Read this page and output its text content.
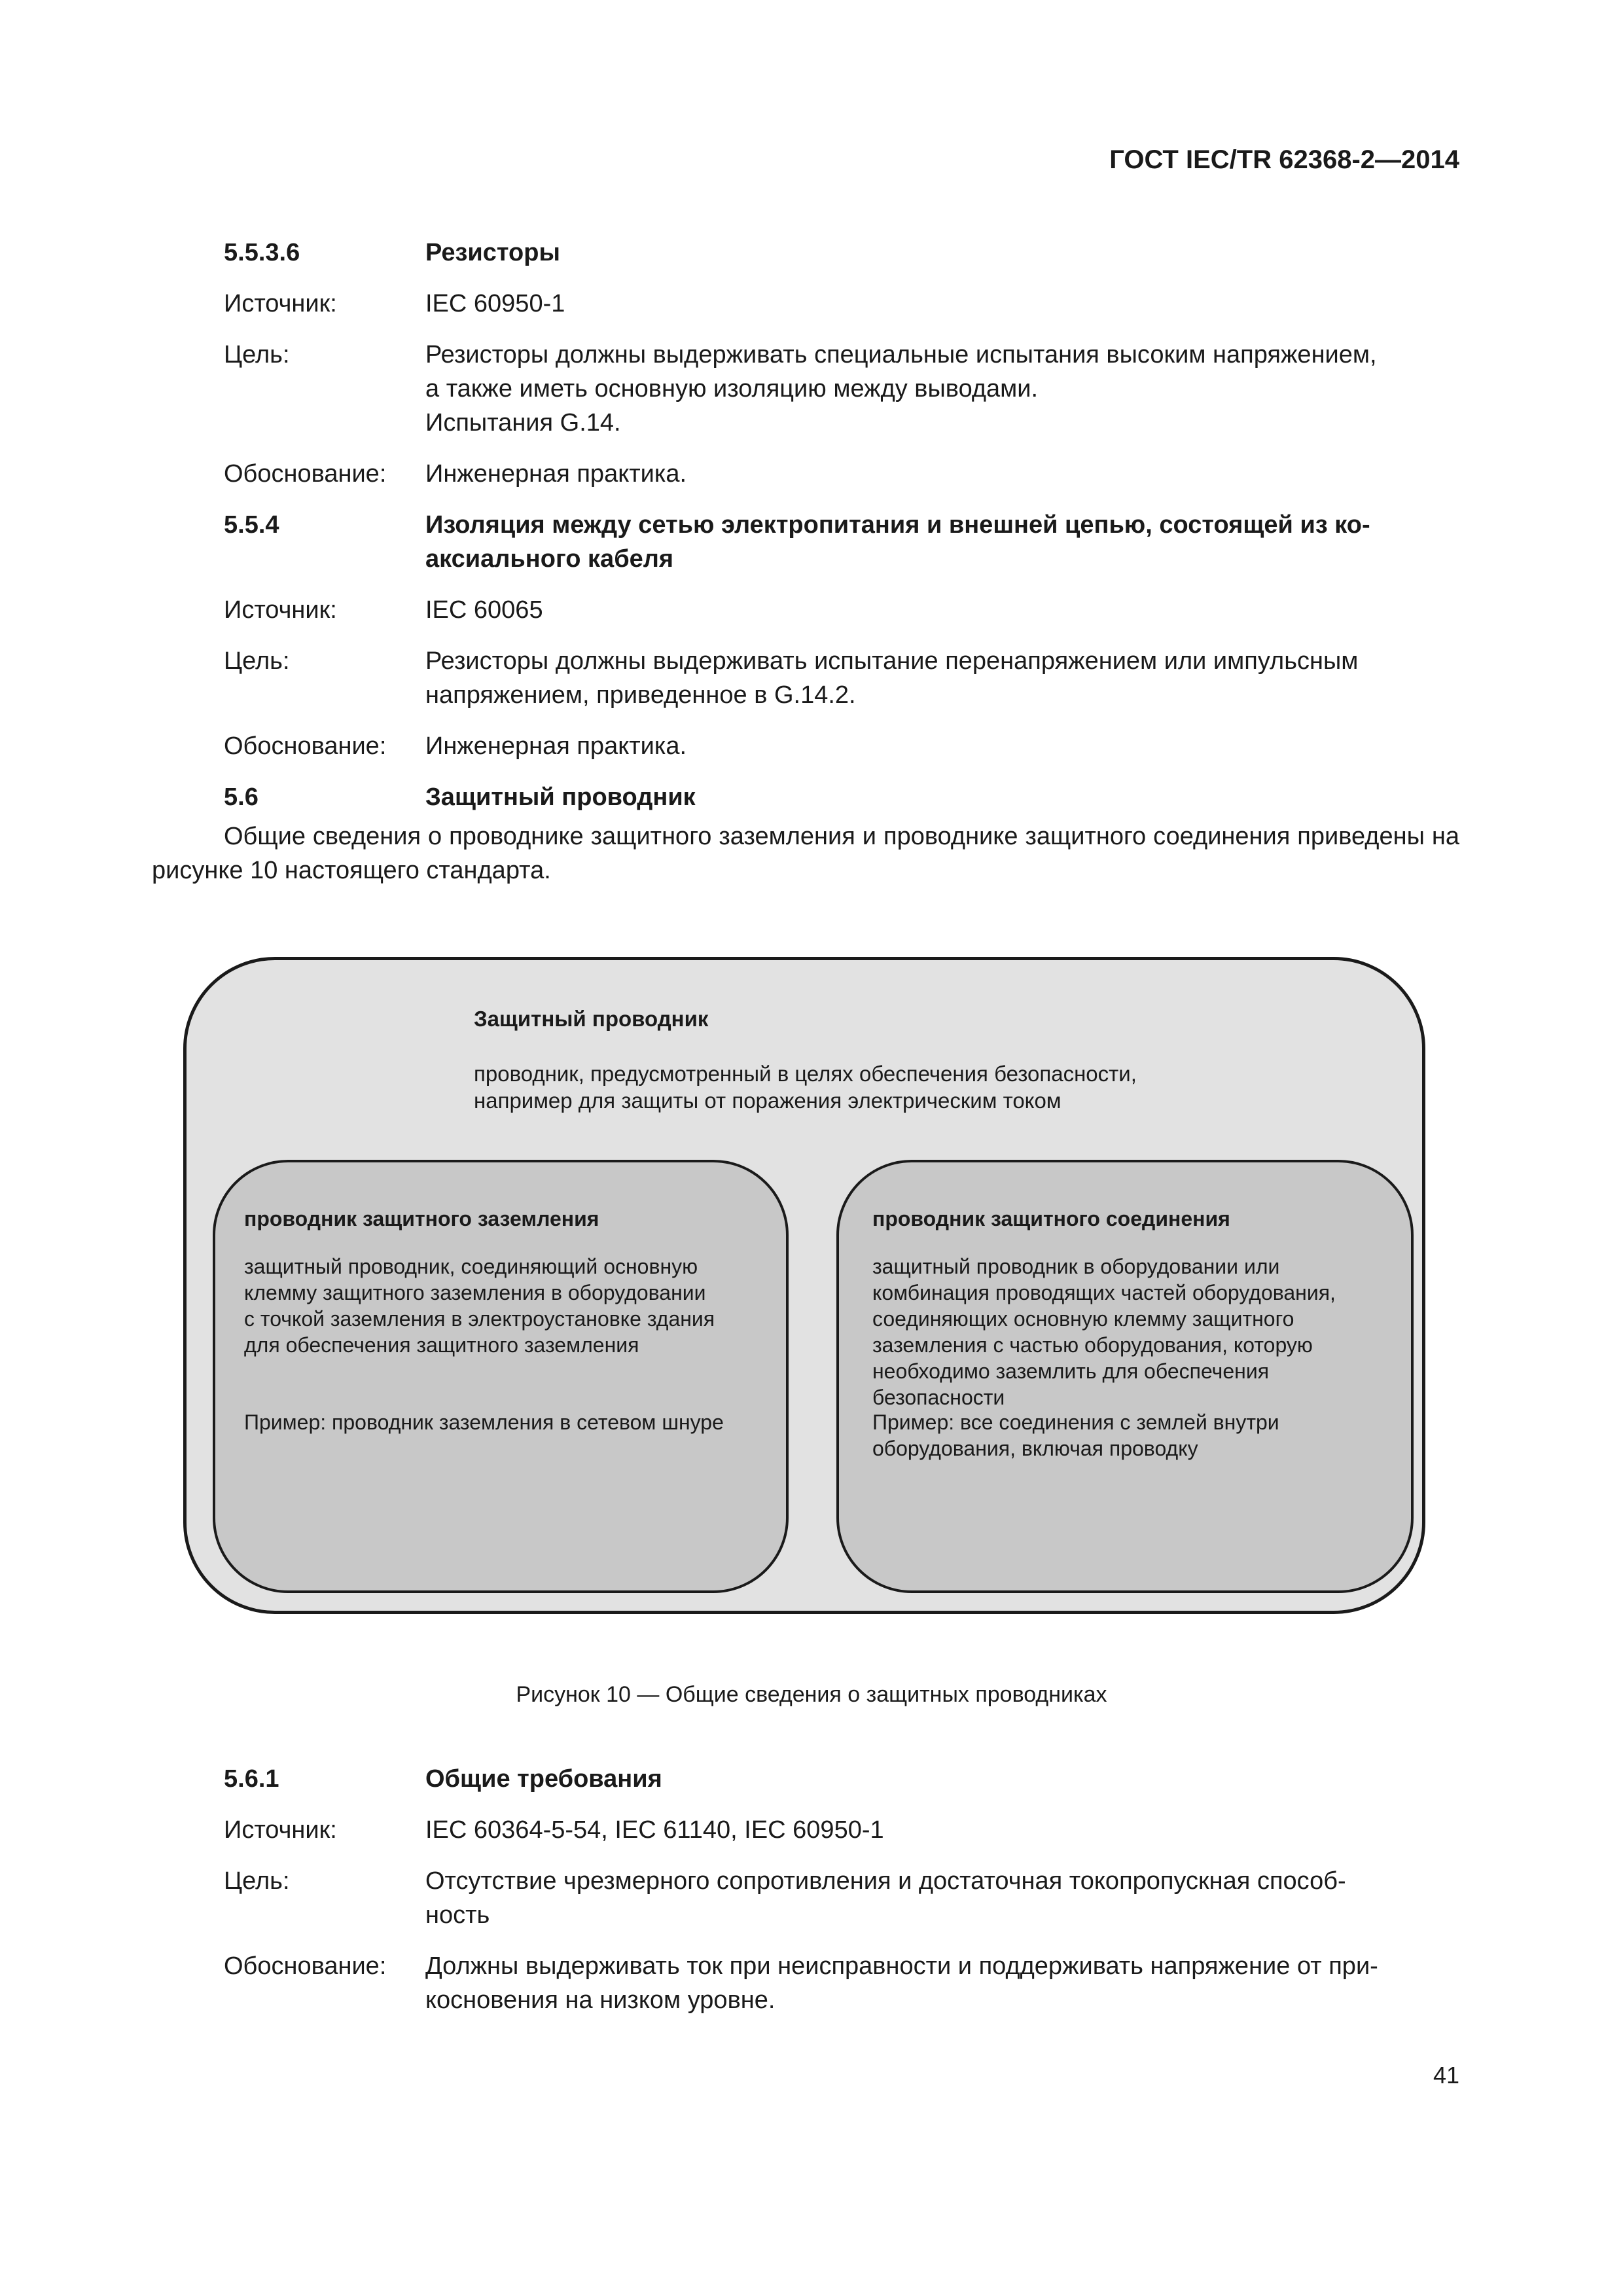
ГОСТ IEC/TR 62368-2—2014
5.5.3.6	Резисторы
Источник:	IEC 60950-1
Цель:	Резисторы должны выдерживать специальные испытания высоким напряжением,
а также иметь основную изоляцию между выводами.
Испытания G.14.
Обоснование:	Инженерная практика.
5.5.4	Изоляция между сетью электропитания и внешней цепью, состоящей из ко-
аксиального кабеля
Источник:	IEC 60065
Цель:	Резисторы должны выдерживать испытание перенапряжением или импульсным
напряжением, приведенное в G.14.2.
Обоснование:	Инженерная практика.
5.6	Защитный проводник
Общие сведения о проводнике защитного заземления и проводнике защитного соединения приведены на рисунке 10 настоящего стандарта.
Защитный проводник
проводник, предусмотренный в целях обеспечения безопасности,
например для защиты от поражения электрическим током
проводник защитного заземления
защитный проводник, соединяющий основную
клемму защитного заземления в оборудовании
с точкой заземления в электроустановке здания
для обеспечения защитного заземления
Пример: проводник заземления в сетевом шнуре
проводник защитного соединения
защитный проводник в оборудовании или
комбинация проводящих частей оборудования,
соединяющих основную клемму защитного
заземления с частью оборудования, которую
необходимо заземлить для обеспечения
безопасности
Пример: все соединения с землей внутри
оборудования, включая проводку
Рисунок 10 — Общие сведения о защитных проводниках
5.6.1	Общие требования
Источник:	IEC 60364-5-54, IEC 61140, IEC 60950-1
Цель:	Отсутствие чрезмерного сопротивления и достаточная токопропускная способ-
ность
Обоснование:	Должны выдерживать ток при неисправности и поддерживать напряжение от при-
косновения на низком уровне.
41
